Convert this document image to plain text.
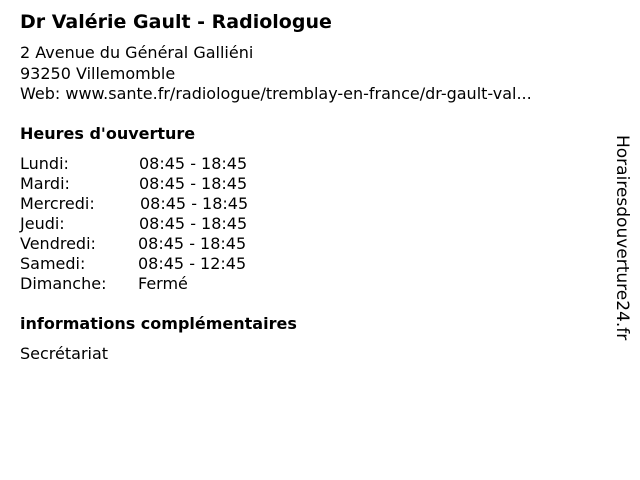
Dr Valérie Gault - Radiologue
2 Avenue du Général Galliéni
93250 Villemomble
Web: www.sante.fr/radiologue/tremblay-en-france/dr-gault-val...
Heures d'ouverture
Lundi:	08:45 - 18:45
Mardi:	08:45 - 18:45
Mercredi:	08:45 - 18:45
Jeudi:	08:45 - 18:45
Vendredi:	08:45 - 18:45
Samedi:	08:45 - 12:45
Dimanche: Fermé
informations complémentaires
Secrétariat
Horairesdouverture24.fr
